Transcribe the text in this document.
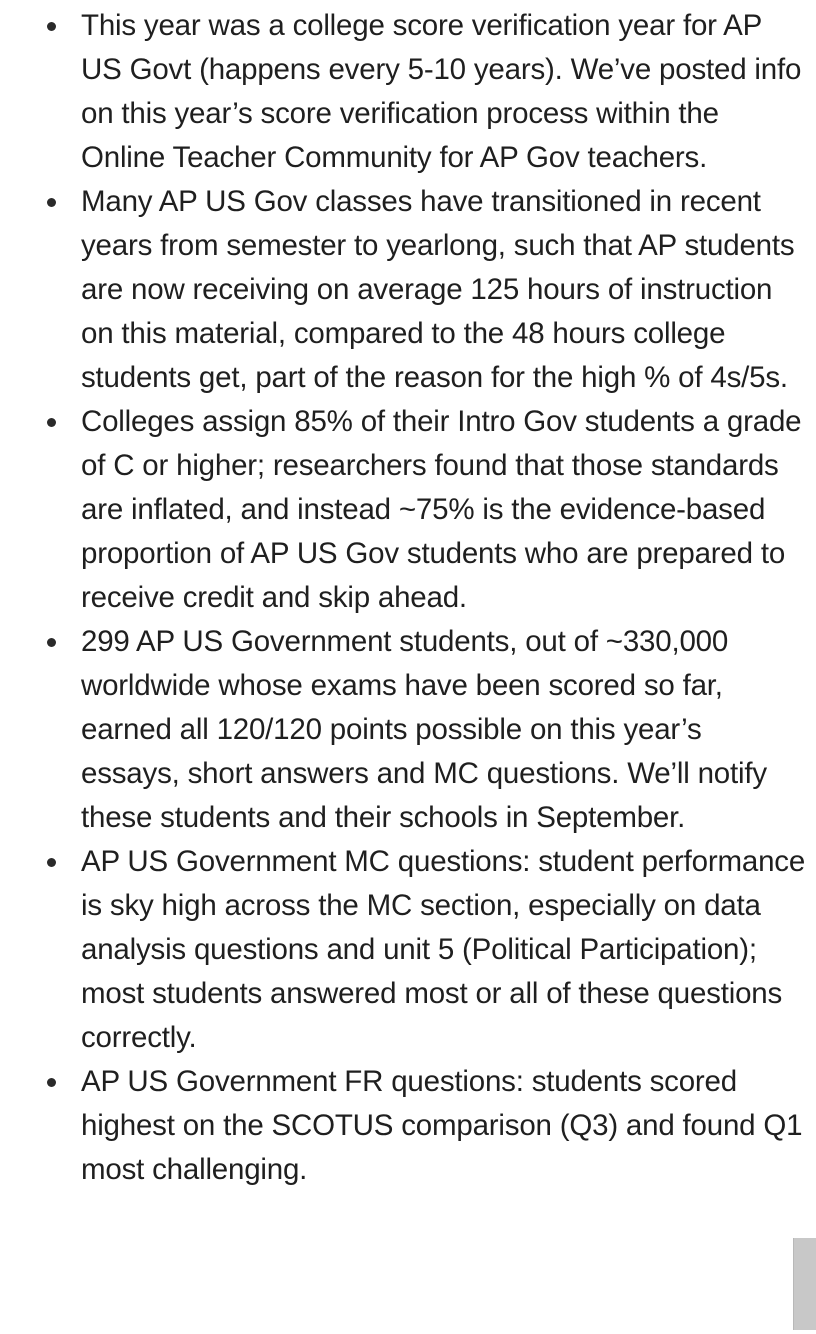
This year was a college score verification year for AP US Govt (happens every 5-10 years). We’ve posted info on this year’s score verification process within the Online Teacher Community for AP Gov teachers.
Many AP US Gov classes have transitioned in recent years from semester to yearlong, such that AP students are now receiving on average 125 hours of instruction on this material, compared to the 48 hours college students get, part of the reason for the high % of 4s/5s.
Colleges assign 85% of their Intro Gov students a grade of C or higher; researchers found that those standards are inflated, and instead ~75% is the evidence-based proportion of AP US Gov students who are prepared to receive credit and skip ahead.
299 AP US Government students, out of ~330,000 worldwide whose exams have been scored so far, earned all 120/120 points possible on this year’s essays, short answers and MC questions. We’ll notify these students and their schools in September.
AP US Government MC questions: student performance is sky high across the MC section, especially on data analysis questions and unit 5 (Political Participation); most students answered most or all of these questions correctly.
AP US Government FR questions: students scored highest on the SCOTUS comparison (Q3) and found Q1 most challenging.
